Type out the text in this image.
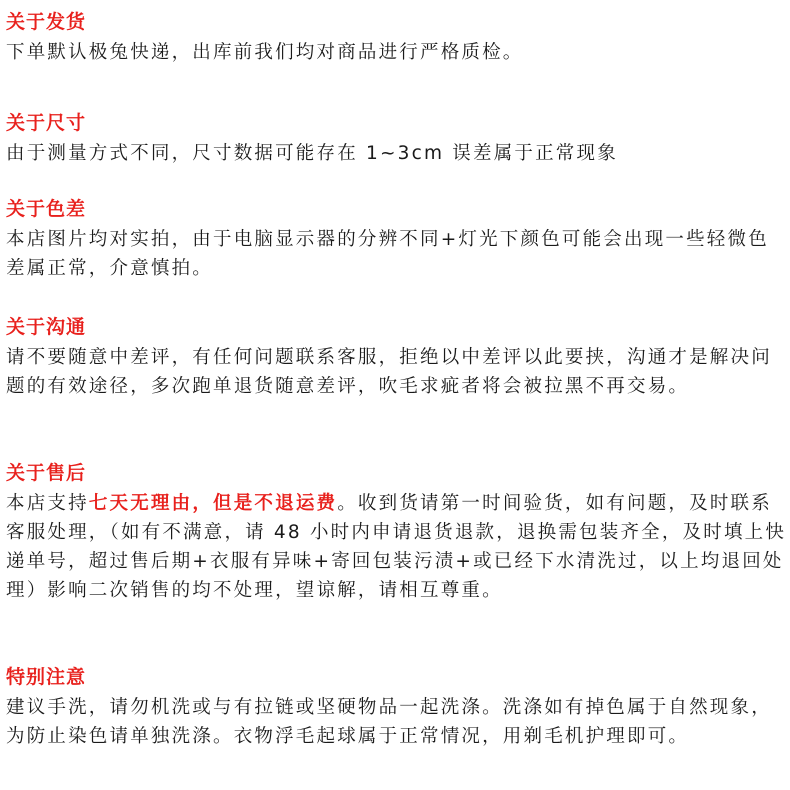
关于发货

下单默认极兔快递，出库前我们均对商品进行严格质检。

关于尺寸

由于测量方式不同，尺寸数据可能存在 1~3cm 误差属于正常现象

关于色差

本店图片均对实拍，由于电脑显示器的分辨不同+灯光下颜色可能会出现一些轻微色差属正常，介意慎拍。

关于沟通

请不要随意中差评，有任何问题联系客服，拒绝以中差评以此要挟，沟通才是解决问题的有效途径，多次跑单退货随意差评，吹毛求疵者将会被拉黑不再交易。

关于售后

本店支持七天无理由，但是不退运费。收到货请第一时间验货，如有问题，及时联系客服处理，（如有不满意，请 48 小时内申请退货退款，退换需包装齐全，及时填上快递单号，超过售后期+衣服有异味+寄回包装污渍+或已经下水清洗过，以上均退回处理）影响二次销售的均不处理，望谅解，请相互尊重。

特别注意

建议手洗，请勿机洗或与有拉链或坚硬物品一起洗涤。洗涤如有掉色属于自然现象，为防止染色请单独洗涤。衣物浮毛起球属于正常情况，用剃毛机护理即可。
